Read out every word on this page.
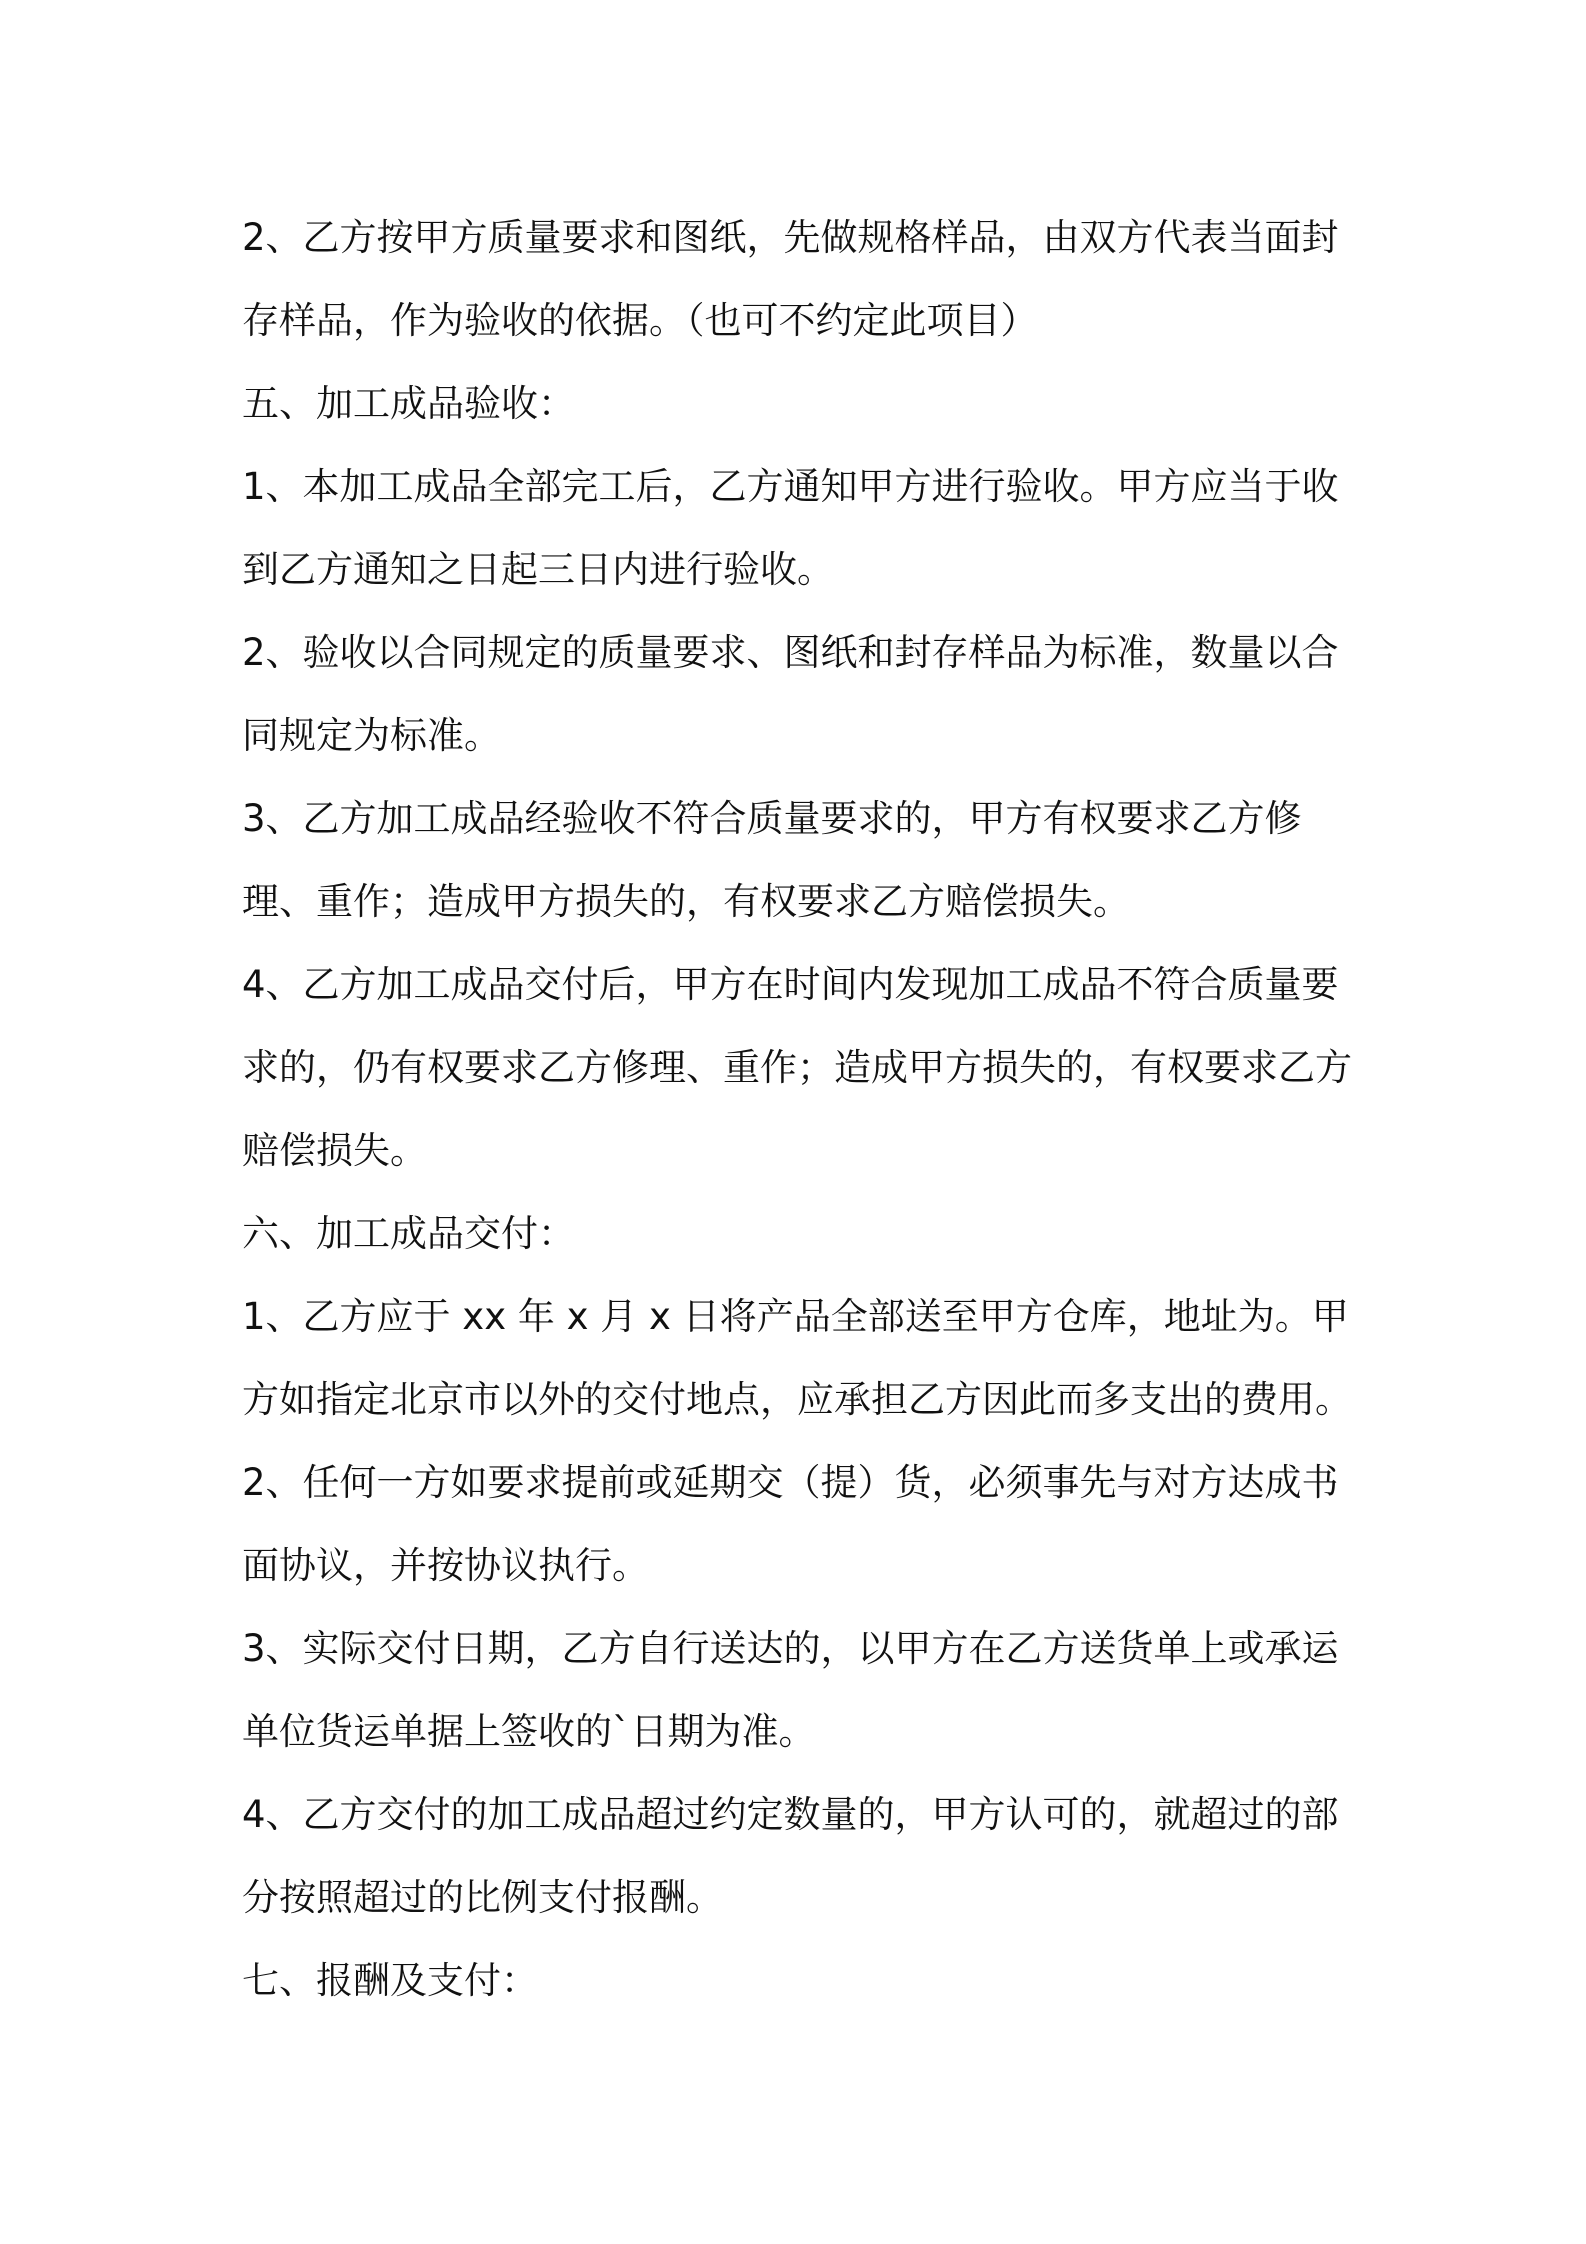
2、乙方按甲方质量要求和图纸，先做规格样品，由双方代表当面封存样品，作为验收的依据。（也可不约定此项目）

五、加工成品验收：

1、本加工成品全部完工后，乙方通知甲方进行验收。甲方应当于收到乙方通知之日起三日内进行验收。

2、验收以合同规定的质量要求、图纸和封存样品为标准，数量以合同规定为标准。

3、乙方加工成品经验收不符合质量要求的，甲方有权要求乙方修理、重作；造成甲方损失的，有权要求乙方赔偿损失。

4、乙方加工成品交付后，甲方在时间内发现加工成品不符合质量要求的，仍有权要求乙方修理、重作；造成甲方损失的，有权要求乙方赔偿损失。

六、加工成品交付：

1、乙方应于 xx 年 x 月 x 日将产品全部送至甲方仓库，地址为。甲方如指定北京市以外的交付地点，应承担乙方因此而多支出的费用。

2、任何一方如要求提前或延期交（提）货，必须事先与对方达成书面协议，并按协议执行。

3、实际交付日期，乙方自行送达的，以甲方在乙方送货单上或承运单位货运单据上签收的`日期为准。

4、乙方交付的加工成品超过约定数量的，甲方认可的，就超过的部分按照超过的比例支付报酬。

七、报酬及支付：
